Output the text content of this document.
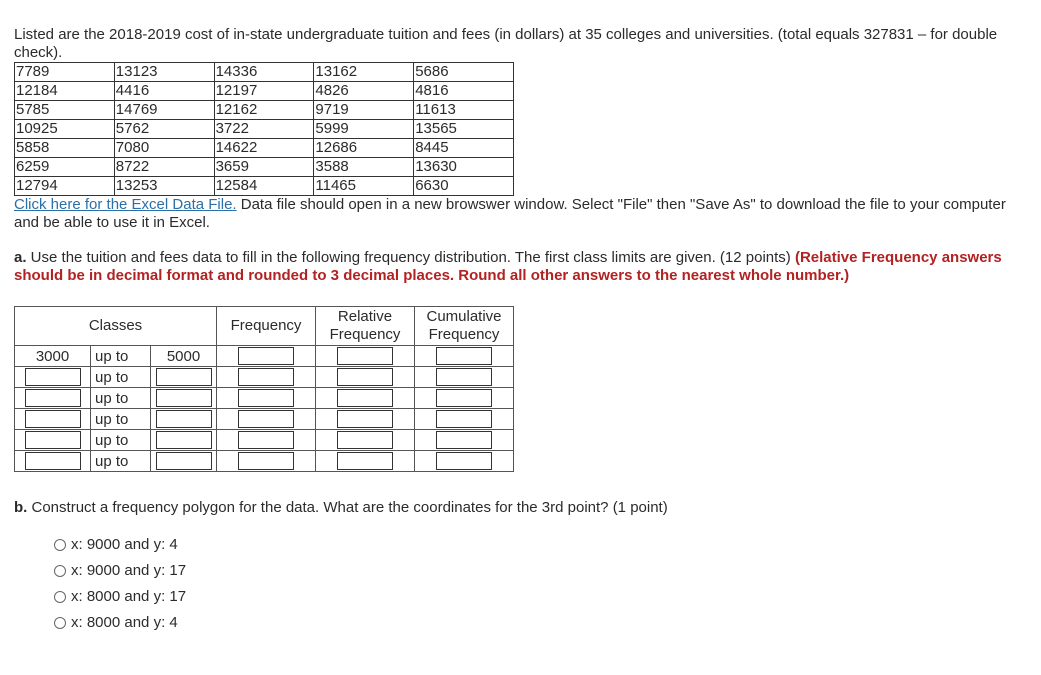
Listed are the 2018-2019 cost of in-state undergraduate tuition and fees (in dollars) at 35 colleges and universities. (total equals 327831 – for double check).

7789	13123	14336	13162	5686
12184	4416	12197	4826	4816
5785	14769	12162	9719	11613
10925	5762	3722	5999	13565
5858	7080	14622	12686	8445
6259	8722	3659	3588	13630
12794	13253	12584	11465	6630

Click here for the Excel Data File. Data file should open in a new browswer window. Select "File" then "Save As" to download the file to your computer and be able to use it in Excel.

a. Use the tuition and fees data to fill in the following frequency distribution. The first class limits are given. (12 points) (Relative Frequency answers should be in decimal format and rounded to 3 decimal places. Round all other answers to the nearest whole number.)

Classes			Frequency	Relative Frequency	Cumulative Frequency
3000	up to	5000			
	up to				
	up to				
	up to				
	up to				
	up to				

b. Construct a frequency polygon for the data. What are the coordinates for the 3rd point? (1 point)

x: 9000 and y: 4
x: 9000 and y: 17
x: 8000 and y: 17
x: 8000 and y: 4
